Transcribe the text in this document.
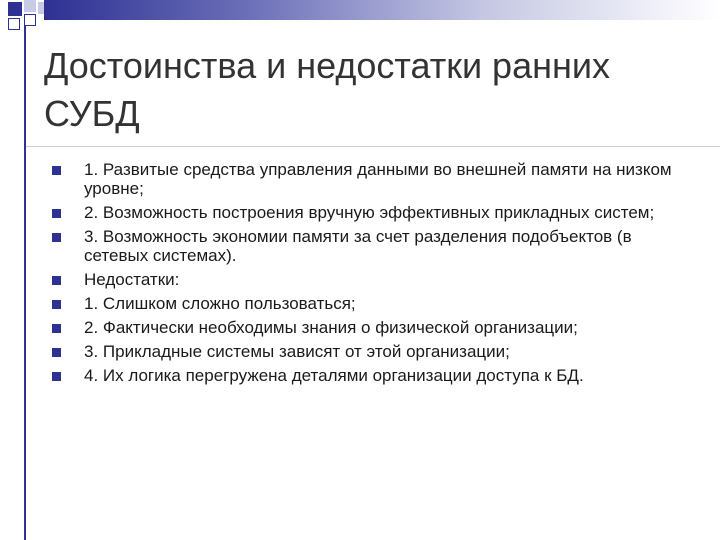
Достоинства и недостатки ранних СУБД
1. Развитые средства управления данными во внешней памяти на низком уровне;
2. Возможность построения вручную эффективных прикладных систем;
3. Возможность экономии памяти за счет разделения подобъектов (в сетевых системах).
Недостатки:
1. Слишком сложно пользоваться;
2. Фактически необходимы знания о физической организации;
3. Прикладные системы зависят от этой организации;
4. Их логика перегружена деталями организации доступа к БД.
